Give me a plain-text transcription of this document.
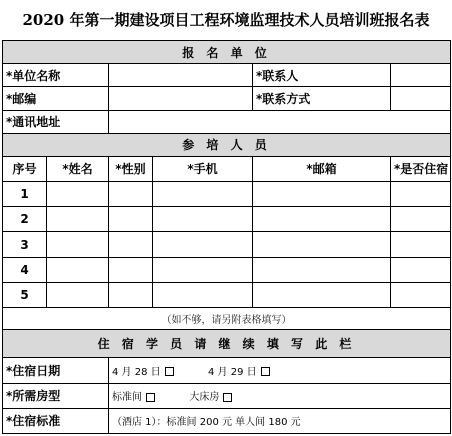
2020 年第一期建设项目工程环境监理技术人员培训班报名表
报 名 单 位					
*单位名称				*联系人	
*邮编				*联系方式	
*通讯地址					
参 培 人 员					
序号	*姓名	*性别	*手机	*邮箱	*是否住宿
1					
2					
3					
4					
5					
（如不够，请另附表格填写）					
住 宿 学 员 请 继 续 填 写 此 栏					
*住宿日期		4 月 28 日 4 月 29 日			
*所需房型		标准间 大床房			
*住宿标准		（酒店 1）：标准间 200 元 单人间 180 元			
